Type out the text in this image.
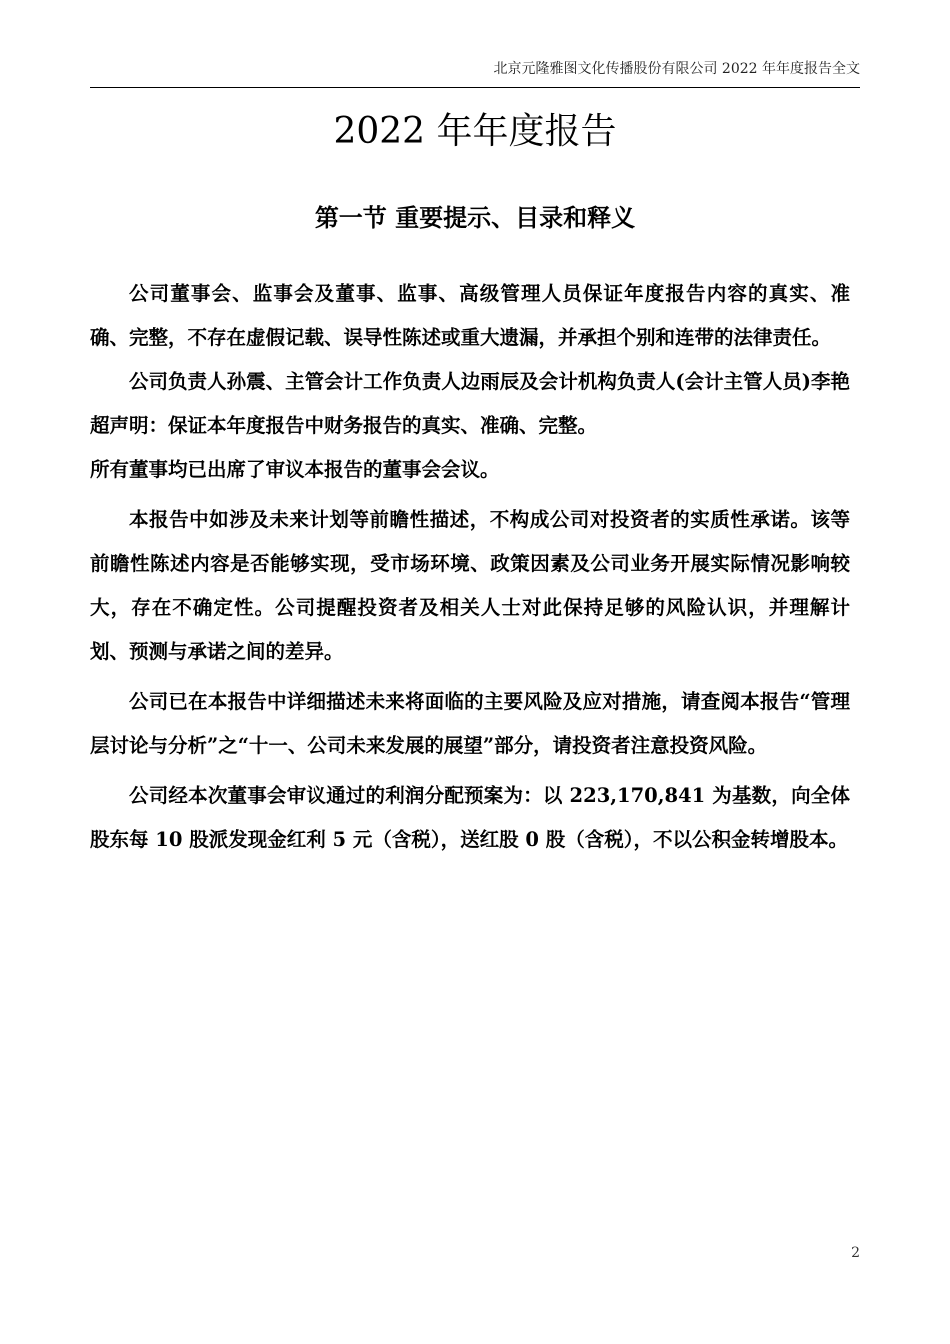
北京元隆雅图文化传播股份有限公司 2022 年年度报告全文
2022 年年度报告
第一节 重要提示、目录和释义

公司董事会、监事会及董事、监事、高级管理人员保证年度报告内容的真实、准确、完整，不存在虚假记载、误导性陈述或重大遗漏，并承担个别和连带的法律责任。

公司负责人孙震、主管会计工作负责人边雨辰及会计机构负责人(会计主管人员)李艳超声明：保证本年度报告中财务报告的真实、准确、完整。

所有董事均已出席了审议本报告的董事会会议。

本报告中如涉及未来计划等前瞻性描述，不构成公司对投资者的实质性承诺。该等前瞻性陈述内容是否能够实现，受市场环境、政策因素及公司业务开展实际情况影响较大，存在不确定性。公司提醒投资者及相关人士对此保持足够的风险认识，并理解计划、预测与承诺之间的差异。

公司已在本报告中详细描述未来将面临的主要风险及应对措施，请查阅本报告“管理层讨论与分析”之“十一、公司未来发展的展望”部分，请投资者注意投资风险。

公司经本次董事会审议通过的利润分配预案为：以 223,170,841 为基数，向全体股东每 10 股派发现金红利 5 元（含税），送红股 0 股（含税），不以公积金转增股本。

2
